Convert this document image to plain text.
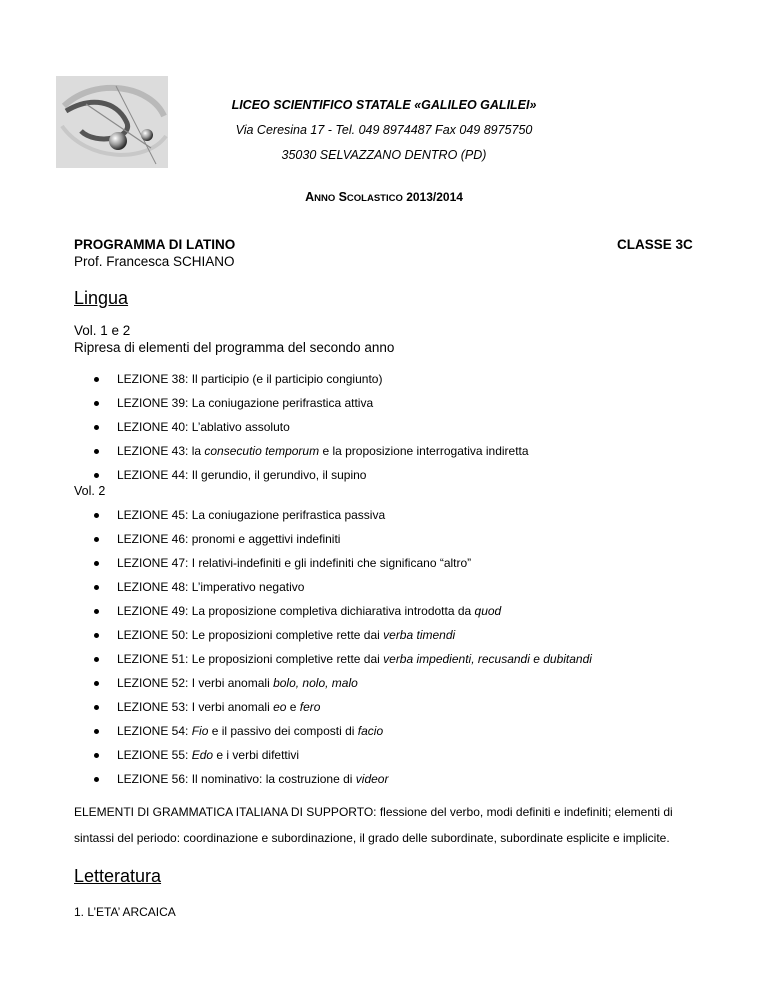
LICEO SCIENTIFICO STATALE «GALILEO GALILEI»
Via Ceresina 17 - Tel. 049 8974487 Fax 049 8975750
35030 SELVAZZANO DENTRO (PD)
ANNO SCOLASTICO 2013/2014
PROGRAMMA DI LATINO	CLASSE 3C
Prof. Francesca SCHIANO
Lingua
Vol. 1 e 2
Ripresa di elementi del programma del secondo anno
LEZIONE 38: Il participio (e il participio congiunto)
LEZIONE 39: La coniugazione perifrastica attiva
LEZIONE 40: L’ablativo assoluto
LEZIONE 43: la consecutio temporum e la proposizione interrogativa indiretta
LEZIONE 44: Il gerundio, il gerundivo, il supino
Vol. 2
LEZIONE 45: La coniugazione perifrastica passiva
LEZIONE 46: pronomi e aggettivi indefiniti
LEZIONE 47: I relativi-indefiniti e gli indefiniti che significano “altro”
LEZIONE 48: L’imperativo negativo
LEZIONE 49: La proposizione completiva dichiarativa introdotta da quod
LEZIONE 50: Le proposizioni completive rette dai verba timendi
LEZIONE 51: Le proposizioni completive rette dai verba impedienti, recusandi e dubitandi
LEZIONE 52: I verbi anomali bolo, nolo, malo
LEZIONE 53: I verbi anomali eo e fero
LEZIONE 54: Fio e il passivo dei composti di facio
LEZIONE 55: Edo e i verbi difettivi
LEZIONE 56: Il nominativo: la costruzione di videor
ELEMENTI DI GRAMMATICA ITALIANA DI SUPPORTO: flessione del verbo, modi definiti e indefiniti; elementi di sintassi del periodo: coordinazione e subordinazione, il grado delle subordinate, subordinate esplicite e implicite.
Letteratura
1. L’ETA’ ARCAICA
